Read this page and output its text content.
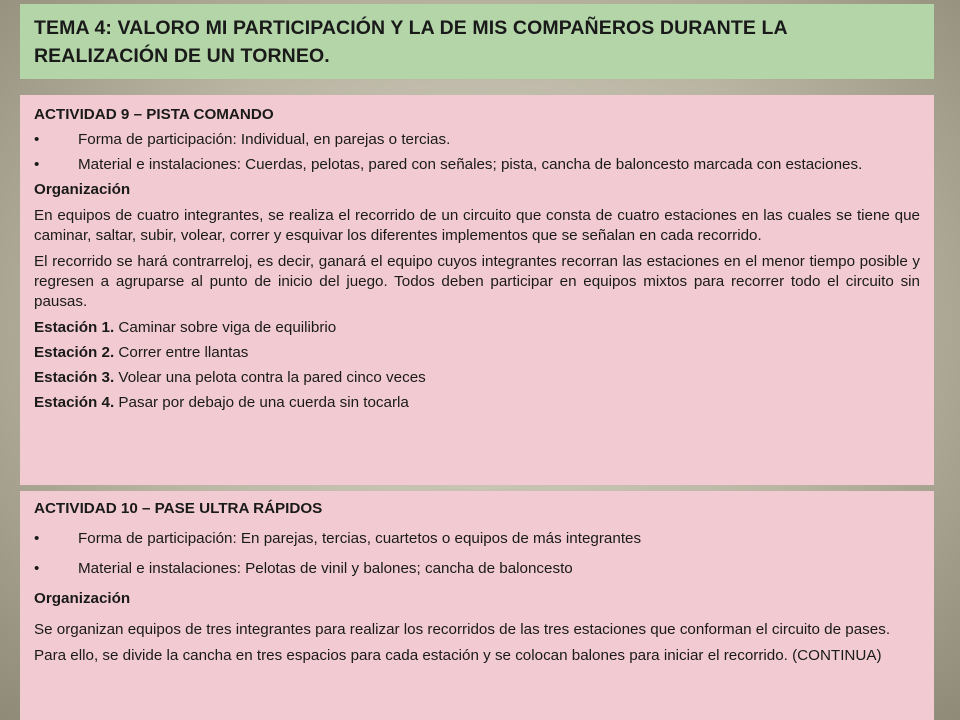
TEMA 4: VALORO MI PARTICIPACIÓN Y LA DE MIS COMPAÑEROS DURANTE LA REALIZACIÓN DE UN TORNEO.
ACTIVIDAD 9 – PISTA COMANDO
•	Forma de participación: Individual, en parejas o tercias.
•	Material e instalaciones: Cuerdas, pelotas, pared con señales; pista, cancha de baloncesto marcada con estaciones.
Organización
En equipos de cuatro integrantes, se realiza el recorrido de un circuito que consta de cuatro estaciones en las cuales se tiene que caminar, saltar, subir, volear, correr y esquivar los diferentes implementos que se señalan en cada recorrido.
El recorrido se hará contrarreloj, es decir, ganará el equipo cuyos integrantes recorran las estaciones en el menor tiempo posible y regresen a agruparse al punto de inicio del juego. Todos deben participar en equipos mixtos para recorrer todo el circuito sin pausas.
Estación 1. Caminar sobre viga de equilibrio
Estación 2. Correr entre llantas
Estación 3. Volear una pelota contra la pared cinco veces
Estación 4. Pasar por debajo de una cuerda sin tocarla
ACTIVIDAD 10 – PASE ULTRA RÁPIDOS
•	Forma de participación: En parejas, tercias, cuartetos o equipos de más integrantes
•	Material e instalaciones: Pelotas de vinil y balones; cancha de baloncesto
Organización
Se organizan equipos de tres integrantes para realizar los recorridos de las tres estaciones que conforman el circuito de pases. Para ello, se divide la cancha en tres espacios para cada estación y se colocan balones para iniciar el recorrido. (CONTINUA)
